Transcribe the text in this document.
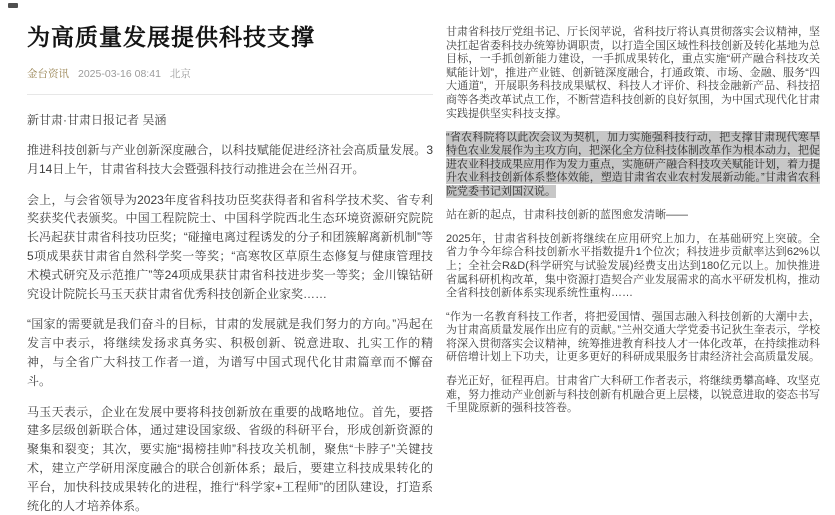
为高质量发展提供科技支撑
金台资讯 2025-03-16 08:41 北京

新甘肃·甘肃日报记者 吴涵

推进科技创新与产业创新深度融合，以科技赋能促进经济社会高质量发展。3月14日上午，甘肃省科技大会暨强科技行动推进会在兰州召开。

会上，与会省领导为2023年度省科技功臣奖获得者和省科学技术奖、省专利奖获奖代表颁奖。中国工程院院士、中国科学院西北生态环境资源研究院院长冯起获甘肃省科技功臣奖；“碰撞电离过程诱发的分子和团簇解离新机制”等5项成果获甘肃省自然科学奖一等奖；“高寒牧区草原生态修复与健康管理技术模式研究及示范推广”等24项成果获甘肃省科技进步奖一等奖；金川镍钴研究设计院院长马玉天获甘肃省优秀科技创新企业家奖……

“国家的需要就是我们奋斗的目标，甘肃的发展就是我们努力的方向。”冯起在发言中表示，将继续发扬求真务实、积极创新、锐意进取、扎实工作的精神，与全省广大科技工作者一道，为谱写中国式现代化甘肃篇章而不懈奋斗。

马玉天表示，企业在发展中要将科技创新放在重要的战略地位。首先，要搭建多层级创新联合体，通过建设国家级、省级的科研平台，形成创新资源的聚集和裂变；其次，要实施“揭榜挂帅”科技攻关机制，聚焦“卡脖子”关键技术，建立产学研用深度融合的联合创新体系；最后，要建立科技成果转化的平台，加快科技成果转化的进程，推行“科学家+工程师”的团队建设，打造系统化的人才培养体系。

甘肃省科技厅党组书记、厅长闵苹说，省科技厅将认真贯彻落实会议精神，坚决扛起省委科技办统筹协调职责，以打造全国区域性科技创新及转化基地为总目标，一手抓创新能力建设，一手抓成果转化，重点实施“研产融合科技攻关赋能计划”，推进产业链、创新链深度融合，打通政策、市场、金融、服务“四大通道”，开展职务科技成果赋权、科技人才评价、科技金融新产品、科技招商等各类改革试点工作，不断营造科技创新的良好氛围，为中国式现代化甘肃实践提供坚实科技支撑。

“省农科院将以此次会议为契机，加力实施强科技行动，把支撑甘肃现代寒旱特色农业发展作为主攻方向，把深化全方位科技体制改革作为根本动力，把促进农业科技成果应用作为发力重点，实施研产融合科技攻关赋能计划，着力提升农业科技创新体系整体效能，塑造甘肃省农业农村发展新动能。”甘肃省农科院党委书记刘国汉说。

站在新的起点，甘肃科技创新的蓝图愈发清晰——

2025年，甘肃省科技创新将继续在应用研究上加力，在基础研究上突破。全省力争今年综合科技创新水平指数提升1个位次；科技进步贡献率达到62%以上；全社会R&D(科学研究与试验发展)经费支出达到180亿元以上。加快推进省属科研机构改革，集中资源打造契合产业发展需求的高水平研发机构，推动全省科技创新体系实现系统性重构……

“作为一名教育科技工作者，将把爱国情、强国志融入科技创新的大潮中去，为甘肃高质量发展作出应有的贡献。”兰州交通大学党委书记狄生奎表示，学校将深入贯彻落实会议精神，统筹推进教育科技人才一体化改革，在持续推动科研倍增计划上下功夫，让更多更好的科研成果服务甘肃经济社会高质量发展。

春光正好，征程再启。甘肃省广大科研工作者表示，将继续勇攀高峰、攻坚克难，努力推动产业创新与科技创新有机融合更上层楼，以锐意进取的姿态书写千里陇原新的强科技答卷。
